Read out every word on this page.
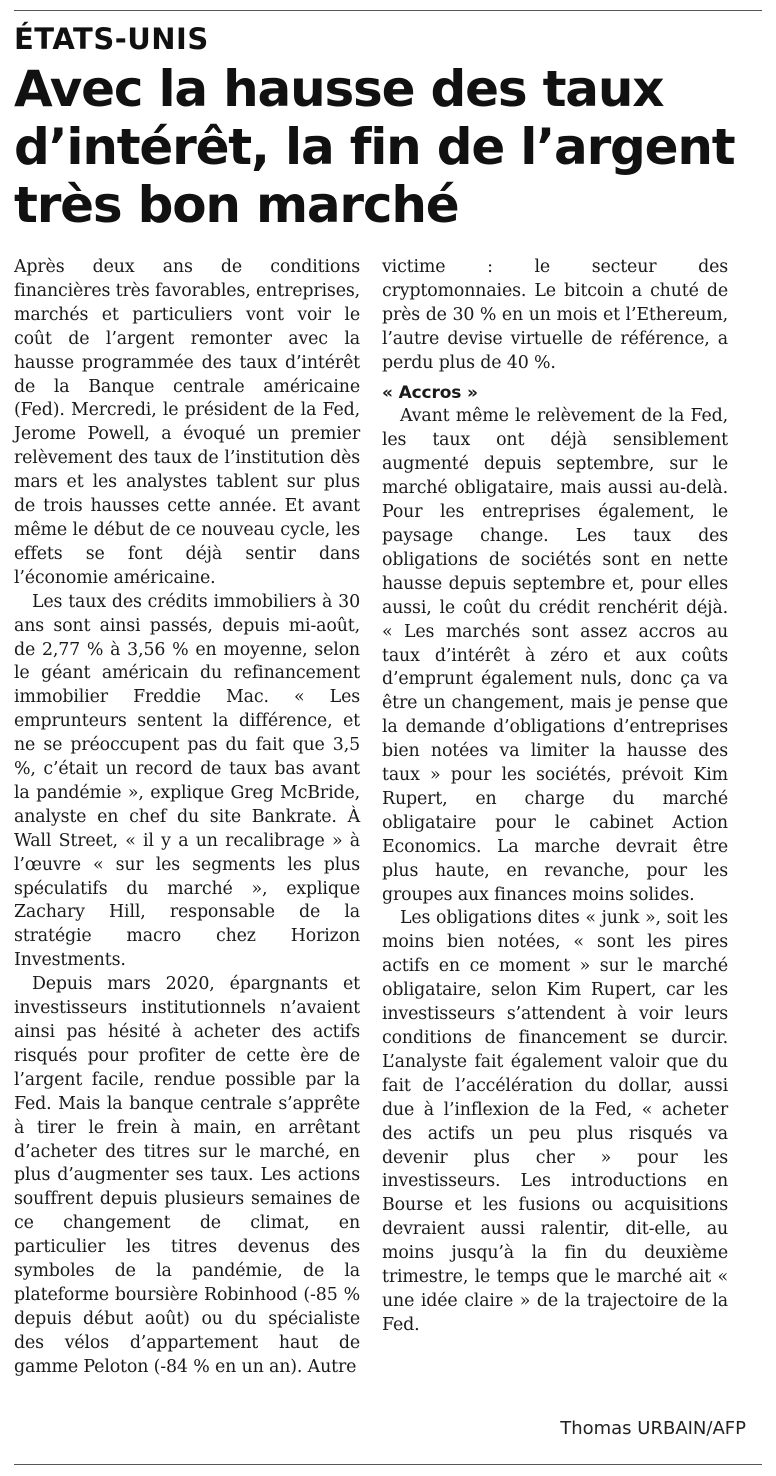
ÉTATS-UNIS
Avec la hausse des taux d’intérêt, la fin de l’argent très bon marché

Après deux ans de conditions financières très favorables, entreprises, marchés et particuliers vont voir le coût de l’argent remonter avec la hausse programmée des taux d’intérêt de la Banque centrale américaine (Fed). Mercredi, le président de la Fed, Jerome Powell, a évoqué un premier relèvement des taux de l’institution dès mars et les analystes tablent sur plus de trois hausses cette année. Et avant même le début de ce nouveau cycle, les effets se font déjà sentir dans l’économie américaine.

Les taux des crédits immobiliers à 30 ans sont ainsi passés, depuis mi-août, de 2,77 % à 3,56 % en moyenne, selon le géant américain du refinancement immobilier Freddie Mac. « Les emprunteurs sentent la différence, et ne se préoccupent pas du fait que 3,5 %, c’était un record de taux bas avant la pandémie », explique Greg McBride, analyste en chef du site Bankrate. À Wall Street, « il y a un recalibrage » à l’œuvre « sur les segments les plus spéculatifs du marché », explique Zachary Hill, responsable de la stratégie macro chez Horizon Investments.

Depuis mars 2020, épargnants et investisseurs institutionnels n’avaient ainsi pas hésité à acheter des actifs risqués pour profiter de cette ère de l’argent facile, rendue possible par la Fed. Mais la banque centrale s’apprête à tirer le frein à main, en arrêtant d’acheter des titres sur le marché, en plus d’augmenter ses taux. Les actions souffrent depuis plusieurs semaines de ce changement de climat, en particulier les titres devenus des symboles de la pandémie, de la plateforme boursière Robinhood (-85 % depuis début août) ou du spécialiste des vélos d’appartement haut de gamme Peloton (-84 % en un an). Autre

victime : le secteur des cryptomonnaies. Le bitcoin a chuté de près de 30 % en un mois et l’Ethereum, l’autre devise virtuelle de référence, a perdu plus de 40 %.

« Accros »

Avant même le relèvement de la Fed, les taux ont déjà sensiblement augmenté depuis septembre, sur le marché obligataire, mais aussi au-delà. Pour les entreprises également, le paysage change. Les taux des obligations de sociétés sont en nette hausse depuis septembre et, pour elles aussi, le coût du crédit renchérit déjà. « Les marchés sont assez accros au taux d’intérêt à zéro et aux coûts d’emprunt également nuls, donc ça va être un changement, mais je pense que la demande d’obligations d’entreprises bien notées va limiter la hausse des taux » pour les sociétés, prévoit Kim Rupert, en charge du marché obligataire pour le cabinet Action Economics. La marche devrait être plus haute, en revanche, pour les groupes aux finances moins solides.

Les obligations dites « junk », soit les moins bien notées, « sont les pires actifs en ce moment » sur le marché obligataire, selon Kim Rupert, car les investisseurs s’attendent à voir leurs conditions de financement se durcir. L’analyste fait également valoir que du fait de l’accélération du dollar, aussi due à l’inflexion de la Fed, « acheter des actifs un peu plus risqués va devenir plus cher » pour les investisseurs. Les introductions en Bourse et les fusions ou acquisitions devraient aussi ralentir, dit-elle, au moins jusqu’à la fin du deuxième trimestre, le temps que le marché ait « une idée claire » de la trajectoire de la Fed.

Thomas URBAIN/AFP
